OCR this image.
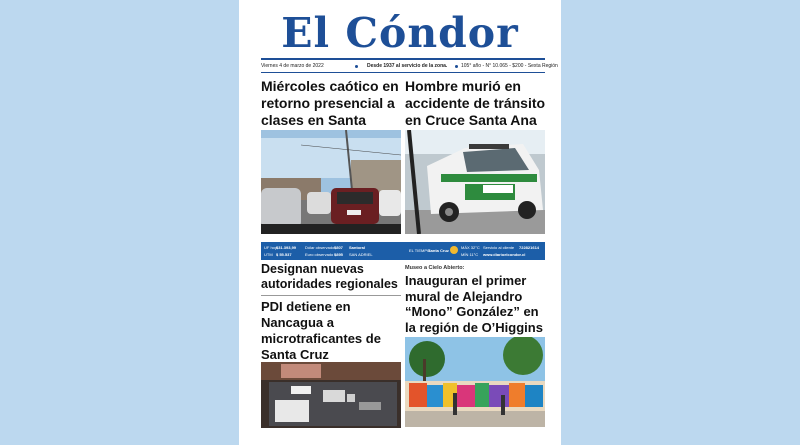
El Cóndor
Viernes 4 de marzo de 2022	Desde 1937 al servicio de la zona.	105° año - N° 10.065 - $200 - Sexta Región
Miércoles caótico en retorno presencial a clases en Santa
Hombre murió en accidente de tránsito en Cruce Santa Ana
UF hoy $31.393,99
UTM $ 55.537
Dólar observado $807
Euro observado $895
Santoral
SAN ADRIEL
EL TIEMPO
Santa Cruz
MÁX 32°C
MÍN 11°C
Servicio al cliente 722821614
www.diarioelcondor.cl
Designan nuevas autoridades regionales
PDI detiene en Nancagua a microtraficantes de Santa Cruz
Museo a Cielo Abierto:
Inauguran el primer mural de Alejandro “Mono” González” en la región de O’Higgins
